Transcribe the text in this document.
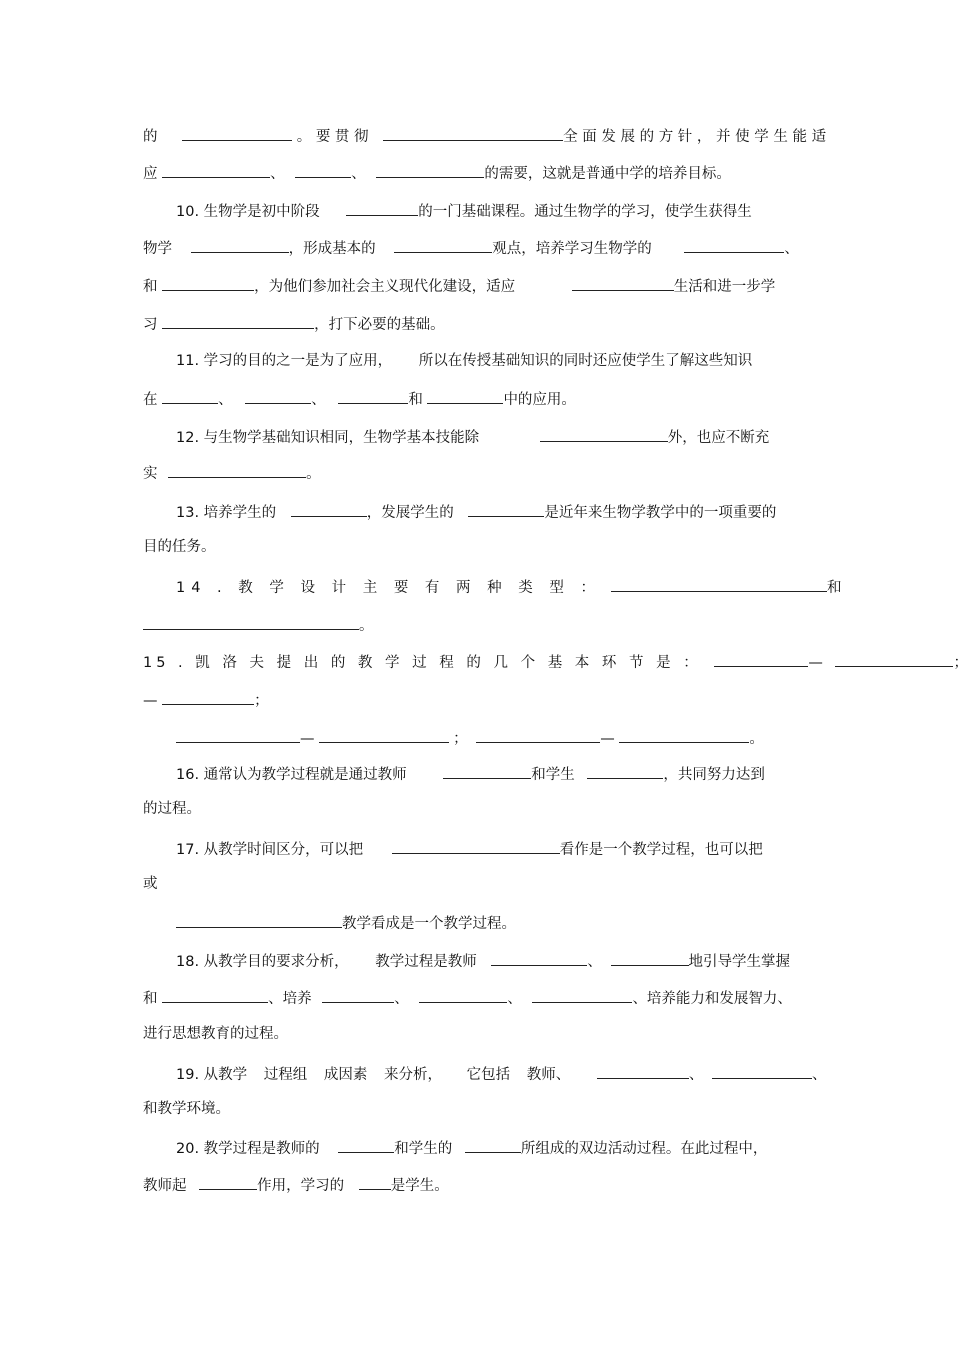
的	。 要 贯 彻	全 面 发 展 的 方 针 ， 并 使 学 生 能 适
应	、	、	的需要，这就是普通中学的培养目标。
10. 生物学是初中阶段	的一门基础课程。通过生物学的学习，使学生获得生
物学	，形成基本的	观点，培养学习生物学的	、
和	，为他们参加社会主义现代化建设，适应	生活和进一步学
习	，打下必要的基础。
11. 学习的目的之一是为了应用， 所以在传授基础知识的同时还应使学生了解这些知识
在	、	、	和	中的应用。
12. 与生物学基础知识相同，生物学基本技能除	外，也应不断充
实	。
13. 培养学生的	，发展学生的	是近年来生物学教学中的一项重要的
目的任务。
14 . 教 学 设 计 主 要 有 两 种 类 型 ：	和
。
15 . 凯 洛 夫 提 出 的 教 学 过 程 的 几 个 基 本 环 节 是 ：	—	；
—	；
—	；	—	。
16. 通常认为教学过程就是通过教师	和学生	，共同努力达到
的过程。
17. 从教学时间区分，可以把	看作是一个教学过程，也可以把
或
教学看成是一个教学过程。
18. 从教学目的要求分析， 教学过程是教师	、	地引导学生掌握
和	、培养	、	、	、培养能力和发展智力、
进行思想教育的过程。
19. 从教学 过程组 成因素 来分析， 它包括 教师、	、	、
和教学环境。
20. 教学过程是教师的	和学生的	所组成的双边活动过程。在此过程中，
教师起	作用，学习的	是学生。
